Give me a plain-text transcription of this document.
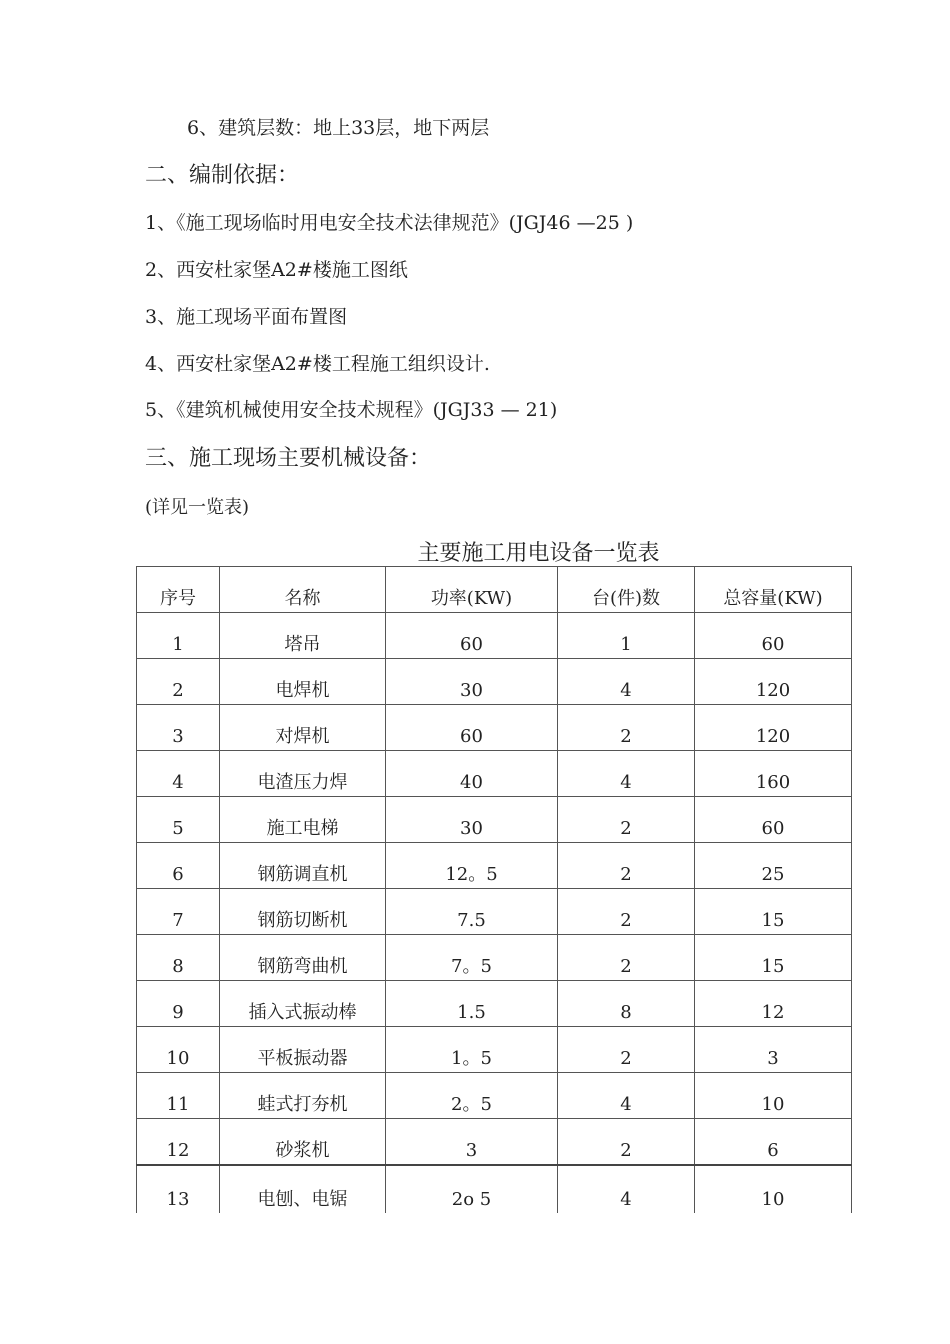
6、建筑层数：地上33层，地下两层
二、编制依据：
1、《施工现场临时用电安全技术法律规范》(JGJ46 —25 )
2、西安杜家堡A2#楼施工图纸
3、施工现场平面布置图
4、西安杜家堡A2#楼工程施工组织设计.
5、《建筑机械使用安全技术规程》(JGJ33 — 21)
三、施工现场主要机械设备：
(详见一览表)
主要施工用电设备一览表
序号	名称	功率(KW)	台(件)数	总容量(KW)
1	塔吊	60	1	60
2	电焊机	30	4	120
3	对焊机	60	2	120
4	电渣压力焊	40	4	160
5	施工电梯	30	2	60
6	钢筋调直机	12。5	2	25
7	钢筋切断机	7.5	2	15
8	钢筋弯曲机	7。5	2	15
9	插入式振动棒	1.5	8	12
10	平板振动器	1。5	2	3
11	蛙式打夯机	2。5	4	10
12	砂浆机	3	2	6
13	电刨、电锯	2o 5	4	10
